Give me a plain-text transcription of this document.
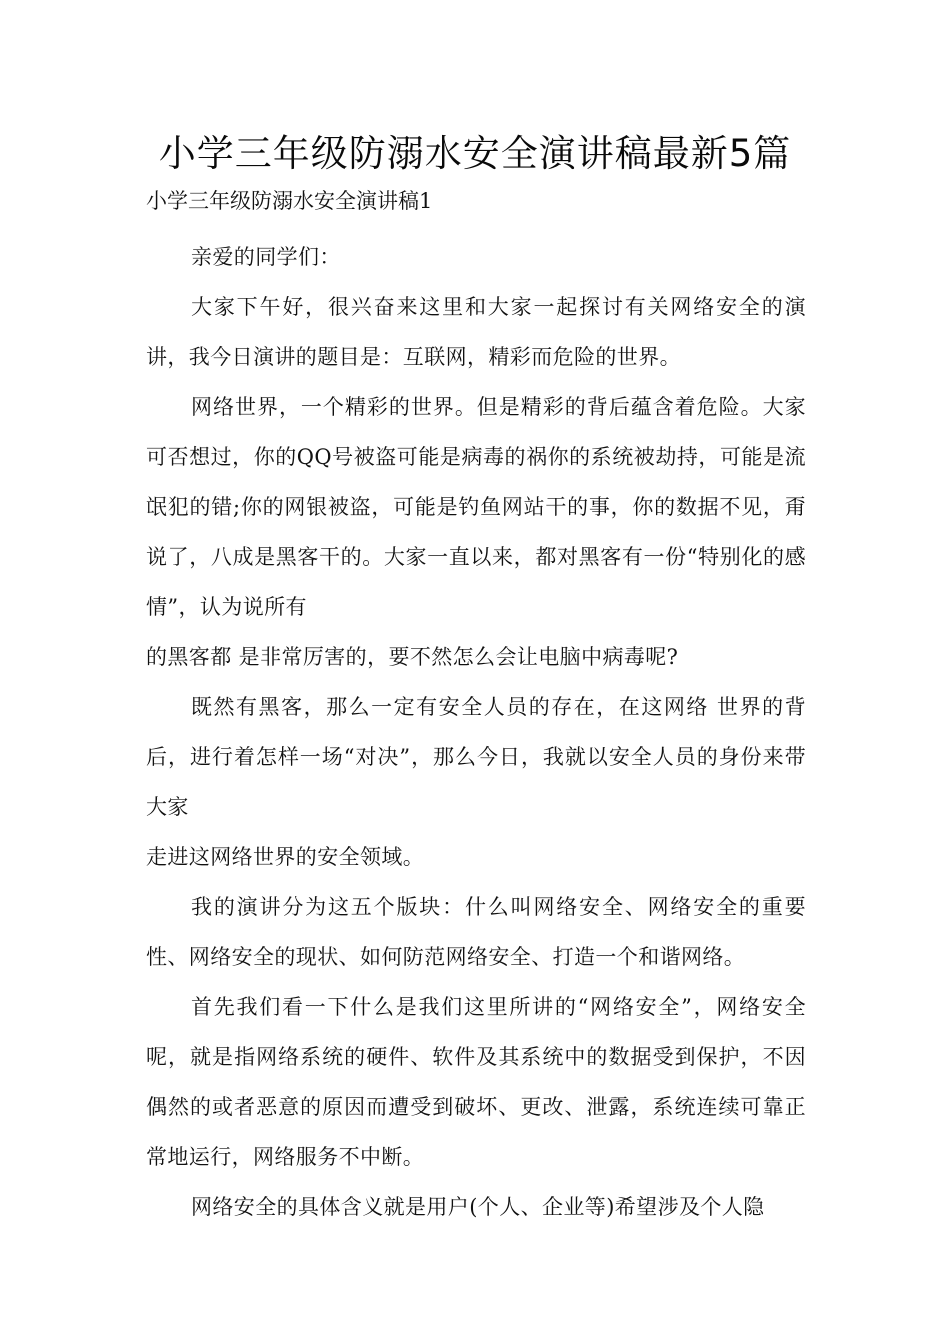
小学三年级防溺水安全演讲稿最新5篇

小学三年级防溺水安全演讲稿1

亲爱的同学们：

大家下午好，很兴奋来这里和大家一起探讨有关网络安全的演讲，我今日演讲的题目是：互联网，精彩而危险的世界。

网络世界，一个精彩的世界。但是精彩的背后蕴含着危险。大家可否想过，你的QQ号被盗可能是病毒的祸你的系统被劫持，可能是流氓犯的错;你的网银被盗，可能是钓鱼网站干的事，你的数据不见，甭说了，八成是黑客干的。大家一直以来，都对黑客有一份“特别化的感情”，认为说所有

的黑客都 是非常厉害的，要不然怎么会让电脑中病毒呢?

既然有黑客，那么一定有安全人员的存在，在这网络 世界的背后，进行着怎样一场“对决”，那么今日，我就以安全人员的身份来带大家

走进这网络世界的安全领域。

我的演讲分为这五个版块：什么叫网络安全、网络安全的重要性、网络安全的现状、如何防范网络安全、打造一个和谐网络。

首先我们看一下什么是我们这里所讲的“网络安全”，网络安全呢，就是指网络系统的硬件、软件及其系统中的数据受到保护，不因偶然的或者恶意的原因而遭受到破坏、更改、泄露，系统连续可靠正常地运行，网络服务不中断。

网络安全的具体含义就是用户(个人、企业等)希望涉及个人隐
